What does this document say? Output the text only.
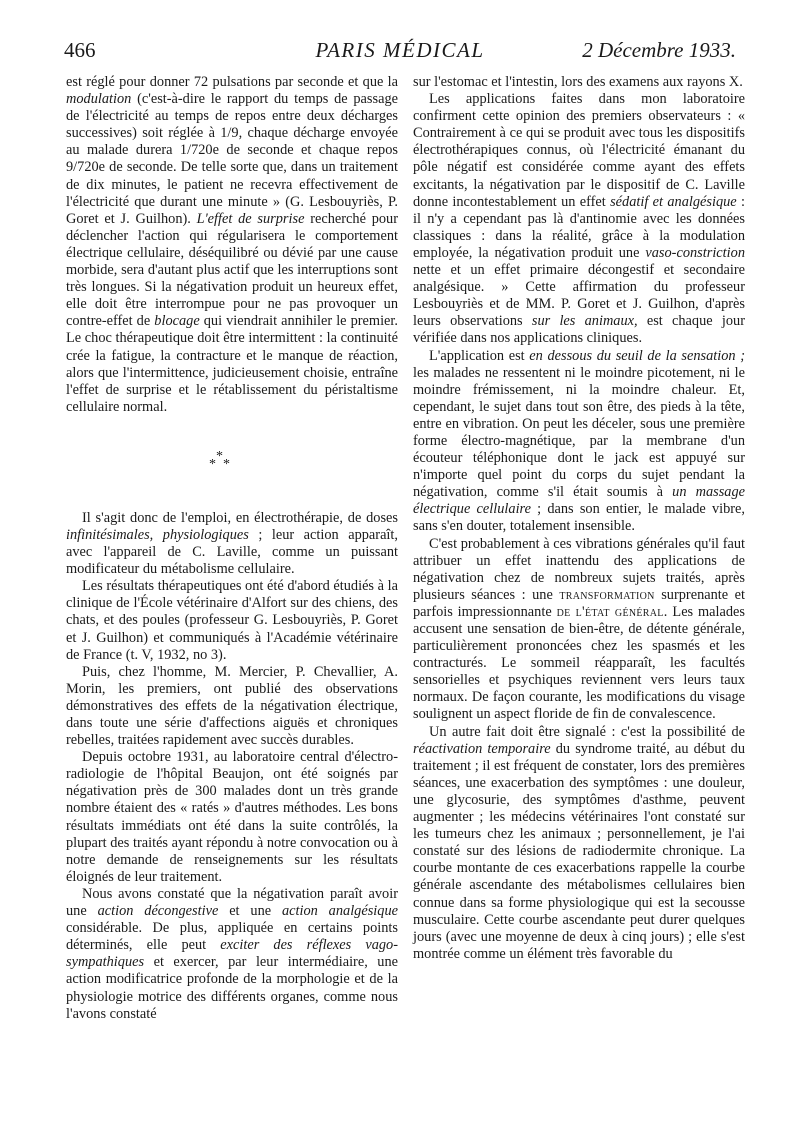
466	PARIS MÉDICAL	2 Décembre 1933.

est réglé pour donner 72 pulsations par seconde et que la modulation (c'est-à-dire le rapport du temps de passage de l'électricité au temps de repos entre deux décharges successives) soit réglée à 1/9, chaque décharge envoyée au malade durera 1/720e de seconde et chaque repos 9/720e de seconde. De telle sorte que, dans un traitement de dix minutes, le patient ne recevra effectivement de l'électricité que durant une minute » (G. Lesbouyriès, P. Goret et J. Guilhon). L'effet de surprise recherché pour déclencher l'action qui régularisera le comportement électrique cellulaire, déséquilibré ou dévié par une cause morbide, sera d'autant plus actif que les interruptions sont très longues. Si la négativation produit un heureux effet, elle doit être interrompue pour ne pas provoquer un contre-effet de blocage qui viendrait annihiler le premier. Le choc thérapeutique doit être intermittent : la continuité crée la fatigue, la contracture et le manque de réaction, alors que l'intermittence, judicieusement choisie, entraîne l'effet de surprise et le rétablissement du péristaltisme cellulaire normal.

*
* *

Il s'agit donc de l'emploi, en électrothérapie, de doses infinitésimales, physiologiques ; leur action apparaît, avec l'appareil de C. Laville, comme un puissant modificateur du métabolisme cellulaire.

Les résultats thérapeutiques ont été d'abord étudiés à la clinique de l'École vétérinaire d'Alfort sur des chiens, des chats, et des poules (professeur G. Lesbouyriès, P. Goret et J. Guilhon) et communiqués à l'Académie vétérinaire de France (t. V, 1932, no 3).

Puis, chez l'homme, M. Mercier, P. Chevallier, A. Morin, les premiers, ont publié des observations démonstratives des effets de la négativation électrique, dans toute une série d'affections aiguës et chroniques rebelles, traitées rapidement avec succès durables.

Depuis octobre 1931, au laboratoire central d'électro-radiologie de l'hôpital Beaujon, ont été soignés par négativation près de 300 malades dont un très grande nombre étaient des « ratés » d'autres méthodes. Les bons résultats immédiats ont été dans la suite contrôlés, la plupart des traités ayant répondu à notre convocation ou à notre demande de renseignements sur les résultats éloignés de leur traitement.

Nous avons constaté que la négativation paraît avoir une action décongestive et une action analgésique considérable. De plus, appliquée en certains points déterminés, elle peut exciter des réflexes vago-sympathiques et exercer, par leur intermédiaire, une action modificatrice profonde de la morphologie et de la physiologie motrice des différents organes, comme nous l'avons constaté

sur l'estomac et l'intestin, lors des examens aux rayons X.

Les applications faites dans mon laboratoire confirment cette opinion des premiers observateurs : « Contrairement à ce qui se produit avec tous les dispositifs électrothérapiques connus, où l'électricité émanant du pôle négatif est considérée comme ayant des effets excitants, la négativation par le dispositif de C. Laville donne incontestablement un effet sédatif et analgésique : il n'y a cependant pas là d'antinomie avec les données classiques : dans la réalité, grâce à la modulation employée, la négativation produit une vaso-constriction nette et un effet primaire décongestif et secondaire analgésique. » Cette affirmation du professeur Lesbouyriès et de MM. P. Goret et J. Guilhon, d'après leurs observations sur les animaux, est chaque jour vérifiée dans nos applications cliniques.

L'application est en dessous du seuil de la sensation ; les malades ne ressentent ni le moindre picotement, ni le moindre frémissement, ni la moindre chaleur. Et, cependant, le sujet dans tout son être, des pieds à la tête, entre en vibration. On peut les déceler, sous une première forme électro-magnétique, par la membrane d'un écouteur téléphonique dont le jack est appuyé sur n'importe quel point du corps du sujet pendant la négativation, comme s'il était soumis à un massage électrique cellulaire ; dans son entier, le malade vibre, sans s'en douter, totalement insensible.

C'est probablement à ces vibrations générales qu'il faut attribuer un effet inattendu des applications de négativation chez de nombreux sujets traités, après plusieurs séances : une transformation surprenante et parfois impressionnante de l'état général. Les malades accusent une sensation de bien-être, de détente générale, particulièrement prononcées chez les spasmés et les contracturés. Le sommeil réapparaît, les facultés sensorielles et psychiques reviennent vers leurs taux normaux. De façon courante, les modifications du visage soulignent un aspect floride de fin de convalescence.

Un autre fait doit être signalé : c'est la possibilité de réactivation temporaire du syndrome traité, au début du traitement ; il est fréquent de constater, lors des premières séances, une exacerbation des symptômes : une douleur, une glycosurie, des symptômes d'asthme, peuvent augmenter ; les médecins vétérinaires l'ont constaté sur les tumeurs chez les animaux ; personnellement, je l'ai constaté sur des lésions de radiodermite chronique. La courbe montante de ces exacerbations rappelle la courbe générale ascendante des métabolismes cellulaires bien connue dans sa forme physiologique qui est la secousse musculaire. Cette courbe ascendante peut durer quelques jours (avec une moyenne de deux à cinq jours) ; elle s'est montrée comme un élément très favorable du
